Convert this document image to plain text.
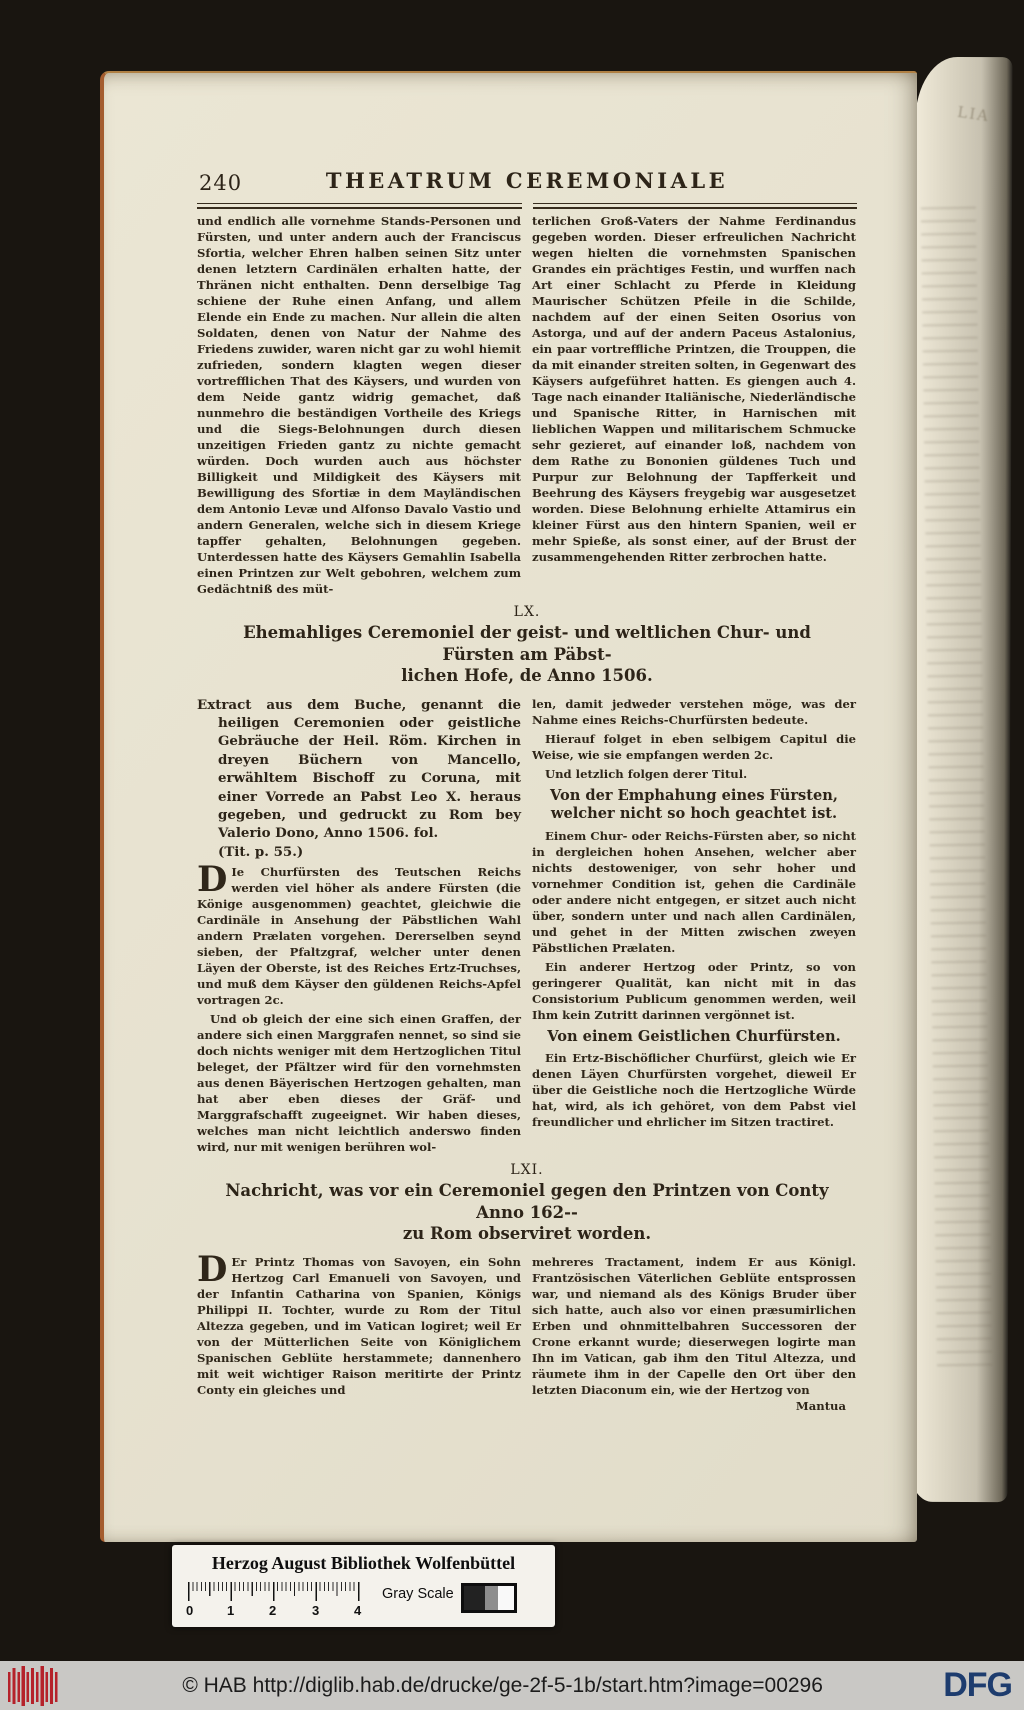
LIA
240	THEATRUM CEREMONIALE
und endlich alle vornehme Stands-Personen und Fürsten, und unter andern auch der Franciscus Sfortia, welcher Ehren halben seinen Sitz unter denen letztern Cardinälen erhalten hatte, der Thränen nicht enthalten. Denn derselbige Tag schiene der Ruhe einen Anfang, und allem Elende ein Ende zu machen. Nur allein die alten Soldaten, denen von Natur der Nahme des Friedens zuwider, waren nicht gar zu wohl hiemit zufrieden, sondern klagten wegen dieser vortrefflichen That des Käysers, und wurden von dem Neide gantz widrig gemachet, daß nunmehro die beständigen Vortheile des Kriegs und die Siegs-Belohnungen durch diesen unzeitigen Frieden gantz zu nichte gemacht würden. Doch wurden auch aus höchster Billigkeit und Mildigkeit des Käysers mit Bewilligung des Sfortiæ in dem Mayländischen dem Antonio Levæ und Alfonso Davalo Vastio und andern Generalen, welche sich in diesem Kriege tapffer gehalten, Belohnungen gegeben. Unterdessen hatte des Käysers Gemahlin Isabella einen Printzen zur Welt gebohren, welchem zum Gedächtniß des müt-
terlichen Groß-Vaters der Nahme Ferdinandus gegeben worden. Dieser erfreulichen Nachricht wegen hielten die vornehmsten Spanischen Grandes ein prächtiges Festin, und wurffen nach Art einer Schlacht zu Pferde in Kleidung Maurischer Schützen Pfeile in die Schilde, nachdem auf der einen Seiten Osorius von Astorga, und auf der andern Paceus Astalonius, ein paar vortreffliche Printzen, die Trouppen, die da mit einander streiten solten, in Gegenwart des Käysers aufgeführet hatten. Es giengen auch 4. Tage nach einander Italiänische, Niederländische und Spanische Ritter, in Harnischen mit lieblichen Wappen und militarischem Schmucke sehr gezieret, auf einander loß, nachdem von dem Rathe zu Bononien güldenes Tuch und Purpur zur Belohnung der Tapfferkeit und Beehrung des Käysers freygebig war ausgesetzet worden. Diese Belohnung erhielte Attamirus ein kleiner Fürst aus den hintern Spanien, weil er mehr Spieße, als sonst einer, auf der Brust der zusammengehenden Ritter zerbrochen hatte.
LX.
Ehemahliges Ceremoniel der geist- und weltlichen Chur- und Fürsten am Päbst-
lichen Hofe, de Anno 1506.
Extract aus dem Buche, genannt die heiligen Ceremonien oder geistliche Gebräuche der Heil. Röm. Kirchen in dreyen Büchern von Mancello, erwähltem Bischoff zu Coruna, mit einer Vorrede an Pabst Leo X. heraus gegeben, und gedruckt zu Rom bey Valerio Dono, Anno 1506. fol.
(Tit. p. 55.)
D Ie Churfürsten des Teutschen Reichs werden viel höher als andere Fürsten (die Könige ausgenommen) geachtet, gleichwie die Cardinäle in Ansehung der Päbstlichen Wahl andern Prælaten vorgehen. Dererselben seynd sieben, der Pfaltzgraf, welcher unter denen Läyen der Oberste, ist des Reiches Ertz-Truchses, und muß dem Käyser den güldenen Reichs-Apfel vortragen 2c.
Und ob gleich der eine sich einen Graffen, der andere sich einen Marggrafen nennet, so sind sie doch nichts weniger mit dem Hertzoglichen Titul beleget, der Pfältzer wird für den vornehmsten aus denen Bäyerischen Hertzogen gehalten, man hat aber eben dieses der Gräf- und Marggrafschafft zugeeignet. Wir haben dieses, welches man nicht leichtlich anderswo finden wird, nur mit wenigen berühren wol-
len, damit jedweder verstehen möge, was der Nahme eines Reichs-Churfürsten bedeute.
Hierauf folget in eben selbigem Capitul die Weise, wie sie empfangen werden 2c.
Und letzlich folgen derer Titul.
Von der Emphahung eines Fürsten, welcher nicht so hoch geachtet ist.
Einem Chur- oder Reichs-Fürsten aber, so nicht in dergleichen hohen Ansehen, welcher aber nichts destoweniger, von sehr hoher und vornehmer Condition ist, gehen die Cardinäle oder andere nicht entgegen, er sitzet auch nicht über, sondern unter und nach allen Cardinälen, und gehet in der Mitten zwischen zweyen Päbstlichen Prælaten.
Ein anderer Hertzog oder Printz, so von geringerer Qualität, kan nicht mit in das Consistorium Publicum genommen werden, weil Ihm kein Zutritt darinnen vergönnet ist.
Von einem Geistlichen Churfürsten.
Ein Ertz-Bischöflicher Churfürst, gleich wie Er denen Läyen Churfürsten vorgehet, dieweil Er über die Geistliche noch die Hertzogliche Würde hat, wird, als ich gehöret, von dem Pabst viel freundlicher und ehrlicher im Sitzen tractiret.
LXI.
Nachricht, was vor ein Ceremoniel gegen den Printzen von Conty Anno 162--
zu Rom observiret worden.
D Er Printz Thomas von Savoyen, ein Sohn Hertzog Carl Emanueli von Savoyen, und der Infantin Catharina von Spanien, Königs Philippi II. Tochter, wurde zu Rom der Titul Altezza gegeben, und im Vatican logiret; weil Er von der Mütterlichen Seite von Königlichem Spanischen Geblüte herstammete; dannenhero mit weit wichtiger Raison meritirte der Printz Conty ein gleiches und
mehreres Tractament, indem Er aus Königl. Frantzösischen Väterlichen Geblüte entsprossen war, und niemand als des Königs Bruder über sich hatte, auch also vor einen præsumirlichen Erben und ohnmittelbahren Successoren der Crone erkannt wurde; dieserwegen logirte man Ihn im Vatican, gab ihm den Titul Altezza, und räumete ihm in der Capelle den Ort über den letzten Diaconum ein, wie der Hertzog von
Mantua
Herzog August Bibliothek Wolfenbüttel
0	1	2	3	4
Gray Scale
© HAB http://diglib.hab.de/drucke/ge-2f-5-1b/start.htm?image=00296	DFG
